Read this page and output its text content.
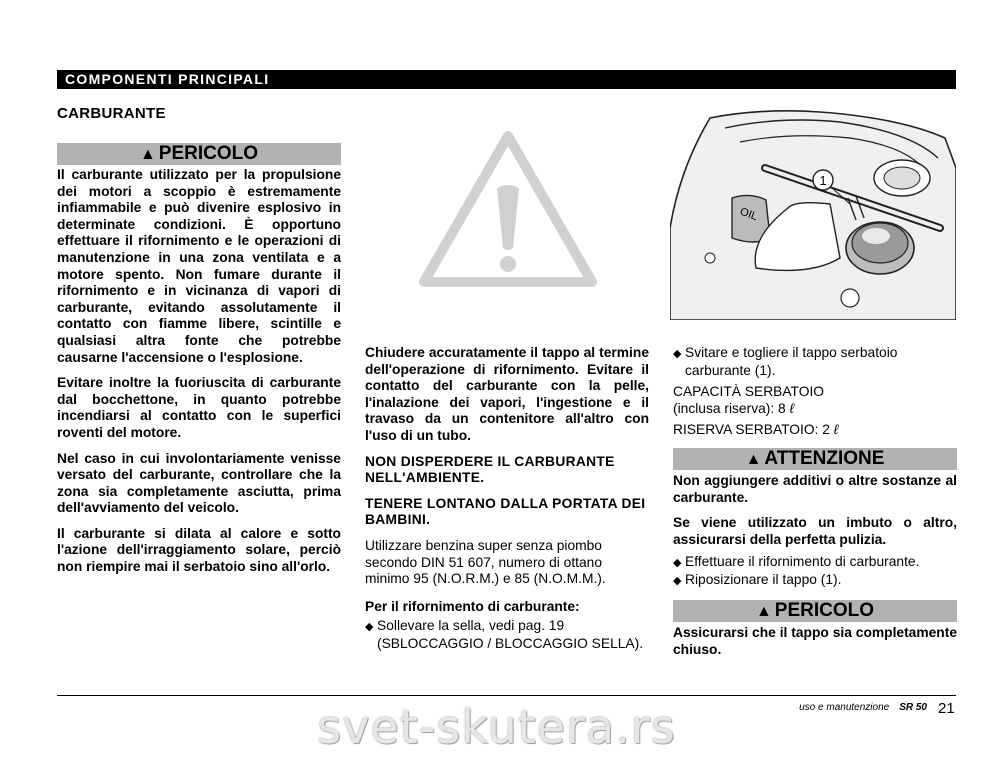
COMPONENTI PRINCIPALI
CARBURANTE
▲ PERICOLO

Il carburante utilizzato per la propulsione dei motori a scoppio è estremamente infiammabile e può divenire esplosivo in determinate condizioni. È opportuno effettuare il rifornimento e le operazioni di manutenzione in una zona ventilata e a motore spento. Non fumare durante il rifornimento e in vicinanza di vapori di carburante, evitando assolutamente il contatto con fiamme libere, scintille e qualsiasi altra fonte che potrebbe causarne l'accensione o l'esplosione.

Evitare inoltre la fuoriuscita di carburante dal bocchettone, in quanto potrebbe incendiarsi al contatto con le superfici roventi del motore.

Nel caso in cui involontariamente venisse versato del carburante, controllare che la zona sia completamente asciutta, prima dell'avviamento del veicolo.

Il carburante si dilata al calore e sotto l'azione dell'irraggiamento solare, perciò non riempire mai il serbatoio sino all'orlo.

Chiudere accuratamente il tappo al termine dell'operazione di rifornimento. Evitare il contatto del carburante con la pelle, l'inalazione dei vapori, l'ingestione e il travaso da un contenitore all'altro con l'uso di un tubo.

NON DISPERDERE IL CARBURANTE NELL'AMBIENTE.

TENERE LONTANO DALLA PORTATA DEI BAMBINI.

Utilizzare benzina super senza piombo secondo DIN 51 607, numero di ottano minimo 95 (N.O.R.M.) e 85 (N.O.M.M.).

Per il rifornimento di carburante:

◆ Sollevare la sella, vedi pag. 19 (SBLOCCAGGIO / BLOCCAGGIO SELLA).

OIL
1

◆ Svitare e togliere il tappo serbatoio carburante (1).

CAPACITÀ SERBATOIO (inclusa riserva): 8 ℓ

RISERVA SERBATOIO: 2 ℓ

▲ ATTENZIONE

Non aggiungere additivi o altre sostanze al carburante.

Se viene utilizzato un imbuto o altro, assicurarsi della perfetta pulizia.

◆ Effettuare il rifornimento di carburante.

◆ Riposizionare il tappo (1).

▲ PERICOLO

Assicurarsi che il tappo sia completamente chiuso.

uso e manutenzione SR 50 21
svet-skutera.rs
